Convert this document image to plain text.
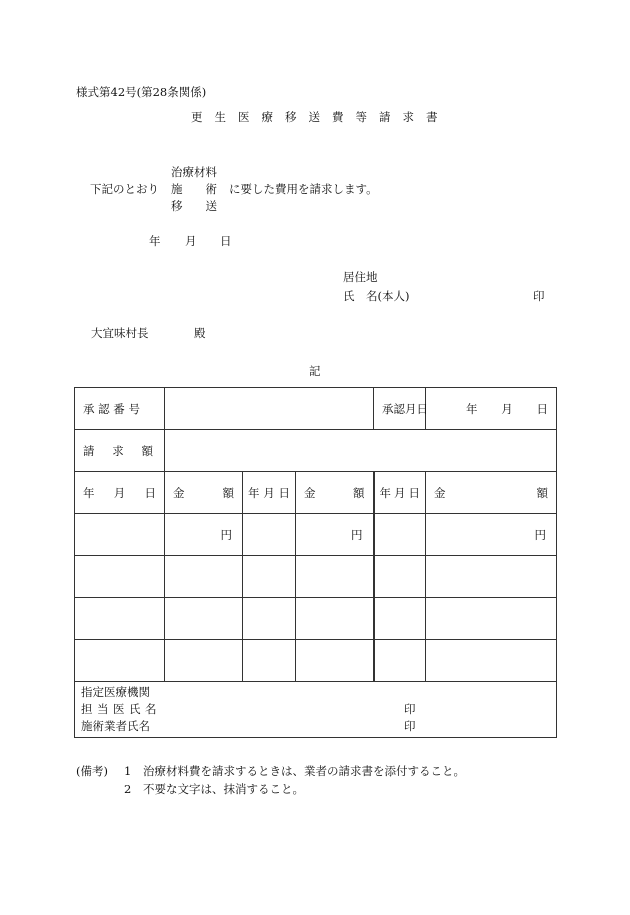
様式第42号(第28条関係)
更 生 医 療 移 送 費 等 請 求 書
治療材料
下記のとおり 施　　術 に要した費用を請求します。
移　　送
年 月 日
居住地
氏　名(本人)	印
大宜味村長	殿
記
承 認 番 号				承 認 月 日	年 月 日

請 求 額					

年 月 日	金 額	年 月 日	金 額	年 月 日	金 額

	円		円		円

指定医療機関
担当医氏名 印
施術業者氏名 印					
(備考) 1 治療材料費を請求するときは、業者の請求書を添付すること。
2 不要な文字は、抹消すること。
